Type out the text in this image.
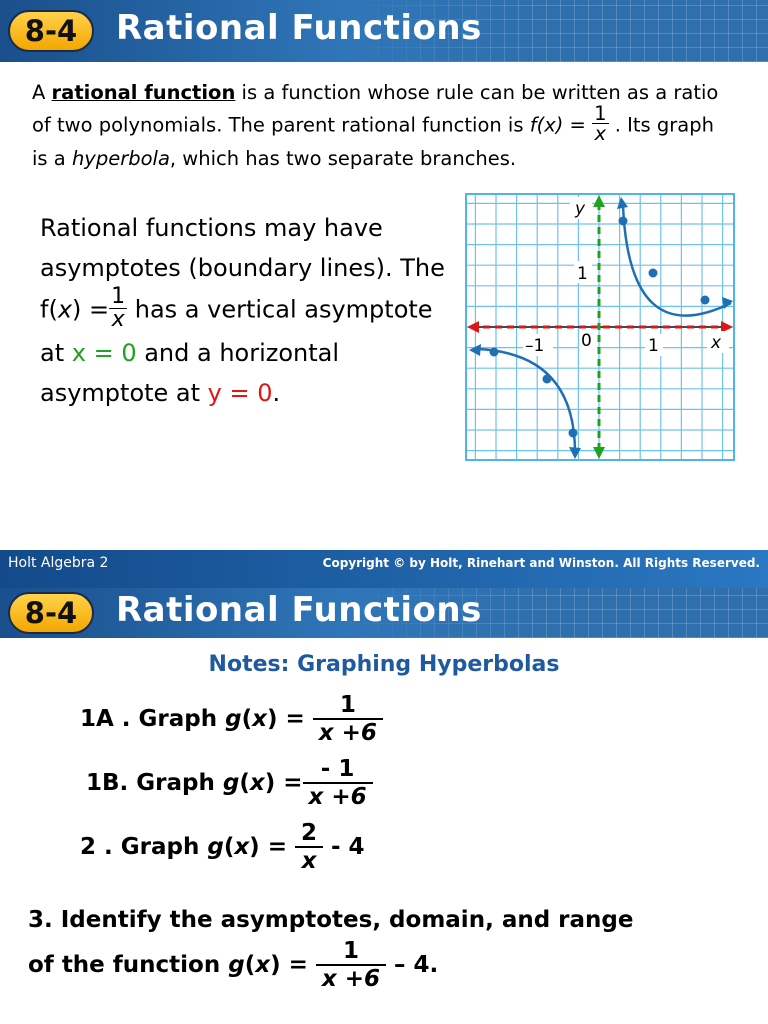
8-4	Rational Functions
A rational function is a function whose rule can be written as a ratio of two polynomials. The parent rational function is $f(x) = \frac{1}{x}$ . Its graph is a hyperbola, which has two separate branches.
Rational functions may have asymptotes (boundary lines). The $f(x) = \frac{1}{x}$ has a vertical asymptote at x = 0 and a horizontal asymptote at y = 0.
y
1
–1 0	1	x
Holt Algebra 2	Copyright © by Holt, Rinehart and Winston. All Rights Reserved.
8-4	Rational Functions
Notes: Graphing Hyperbolas
1A . Graph $g(x) = \frac{1}{x +6}$
1B. Graph $g(x) = \frac{- 1}{x +6}$
2 . Graph $g(x) = \frac{2}{x} - 4$
3. Identify the asymptotes, domain, and range
of the function $g(x) = \frac{1}{x +6} - 4$.
